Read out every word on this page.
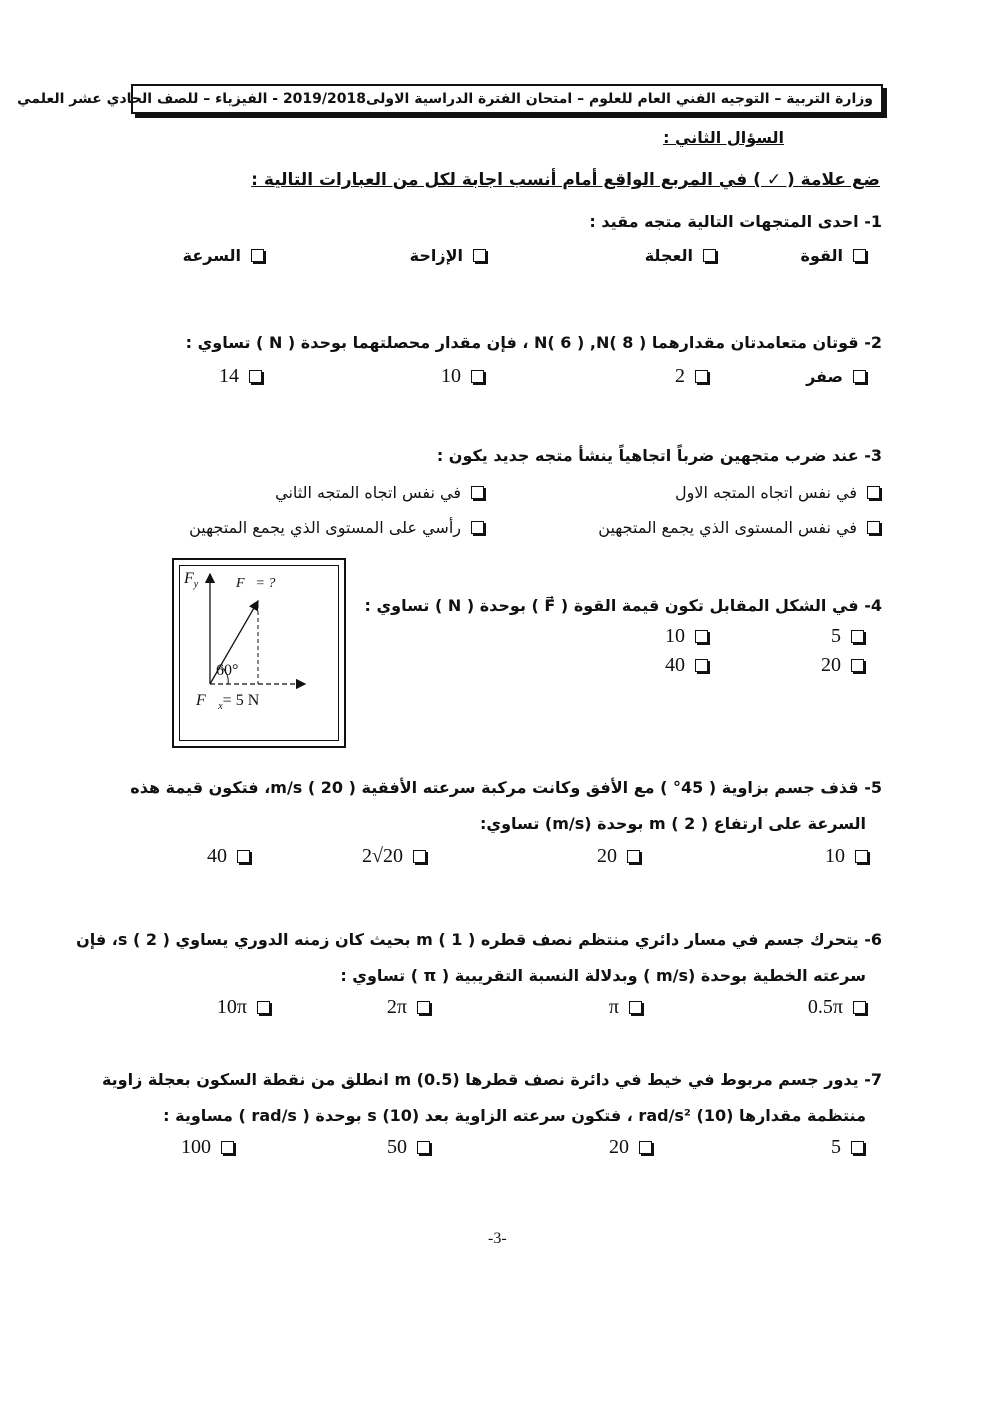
وزارة التربية – التوجيه الفني العام للعلوم – امتحان الفترة الدراسية الاولى2019/2018 - الفيزياء – للصف الحادي عشر العلمي
السؤال الثاني :
ضع علامة ( ✓ ) في المربع الواقع أمام أنسب اجابة لكل من العبارات التالية :
1- احدى المتجهات التالية متجه مقيد :
القوة
العجلة
الإزاحة
السرعة
2- قوتان متعامدتان مقدارهما N( 6 ) ,N( 8 ) ، فإن مقدار محصلتهما بوحدة ( N ) تساوي :
صفر
2
10
14
3- عند ضرب متجهين ضرباً اتجاهياً ينشأ متجه جديد يكون :
في نفس اتجاه المتجه الاول
في نفس اتجاه المتجه الثاني
في نفس المستوى الذي يجمع المتجهين
رأسي على المستوى الذي يجمع المتجهين
$F_y$	F⃗= ?
60°
$F⃗_x= 5$ N
4- في الشكل المقابل تكون قيمة القوة ( F⃗ ) بوحدة ( N ) تساوي :
5
10
20
40
5- قذف جسم بزاوية ( 45° ) مع الأفق وكانت مركبة سرعته الأفقية m/s ( 20 )، فتكون قيمة هذه
السرعة على ارتفاع m ( 2 ) بوحدة (m/s) تساوي:
10
20
20√2
40
6- يتحرك جسم في مسار دائري منتظم نصف قطره m ( 1 ) بحيث كان زمنه الدوري يساوي s ( 2 )، فإن
سرعته الخطية بوحدة (m/s ) وبدلالة النسبة التقريبية ( π ) تساوي :
0.5π
π
2π
10π
7- يدور جسم مربوط في خيط في دائرة نصف قطرها m (0.5) انطلق من نقطة السكون بعجلة زاوية
منتظمة مقدارها rad/s² (10) ، فتكون سرعته الزاوية بعد s (10) بوحدة ( rad/s ) مساوية :
5
20
50
100
-3-
